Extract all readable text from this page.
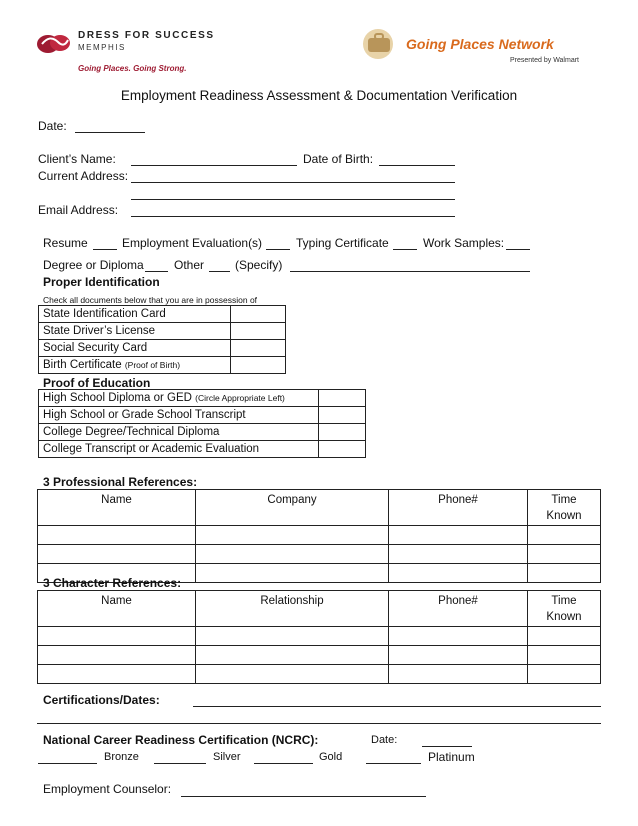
DRESS FOR SUCCESS
MEMPHIS
Going Places. Going Strong.
Going Places Network
Presented by Walmart
Employment Readiness Assessment & Documentation Verification
Date:
Client’s Name:	Date of Birth:
Current Address:
Email Address:
Resume	Employment Evaluation(s)	Typing Certificate	Work Samples:
Degree or Diploma	Other	(Specify)
Proper Identification
Check all documents below that you are in possession of
State Identification Card	
State Driver’s License	
Social Security Card	
Birth Certificate (Proof of Birth)	
Proof of Education
High School Diploma or GED (Circle Appropriate Left)	
High School or Grade School Transcript	
College Degree/Technical Diploma	
College Transcript or Academic Evaluation	
3 Professional References:
Name	Company	Phone#	Time Known

3 Character References:
Name	Relationship	Phone#	Time Known

Certifications/Dates:
National Career Readiness Certification (NCRC):	Date:
Bronze	Silver	Gold	Platinum
Employment Counselor:
